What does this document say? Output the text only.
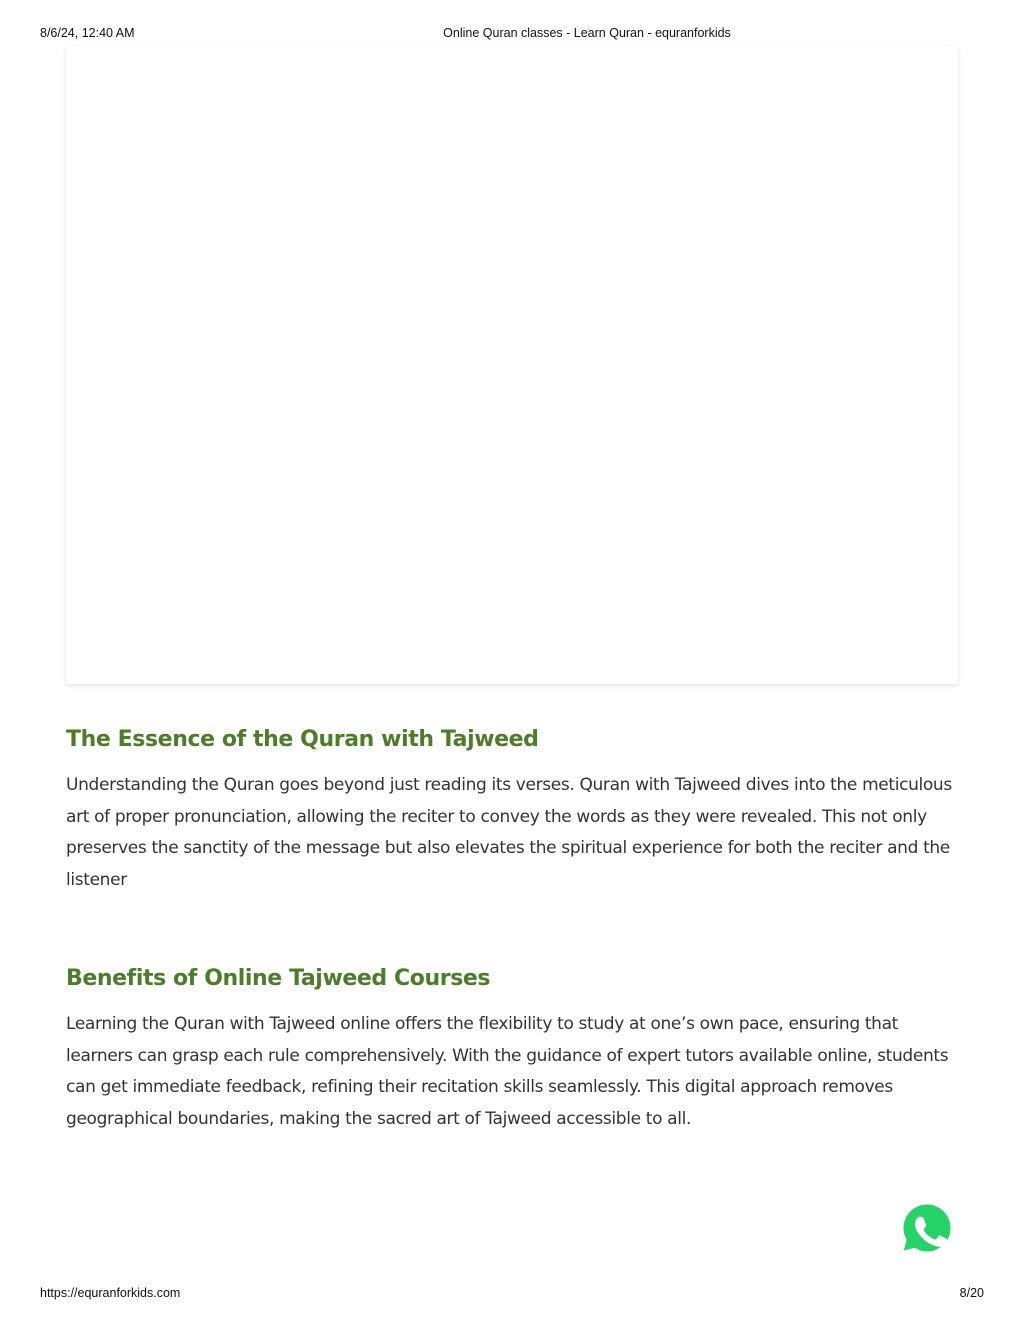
8/6/24, 12:40 AM	Online Quran classes - Learn Quran - equranforkids
The Essence of the Quran with Tajweed

Understanding the Quran goes beyond just reading its verses. Quran with Tajweed dives into the meticulous art of proper pronunciation, allowing the reciter to convey the words as they were revealed. This not only preserves the sanctity of the message but also elevates the spiritual experience for both the reciter and the listener

Benefits of Online Tajweed Courses

Learning the Quran with Tajweed online offers the flexibility to study at one’s own pace, ensuring that learners can grasp each rule comprehensively. With the guidance of expert tutors available online, students can get immediate feedback, refining their recitation skills seamlessly. This digital approach removes geographical boundaries, making the sacred art of Tajweed accessible to all.

https://equranforkids.com	8/20
